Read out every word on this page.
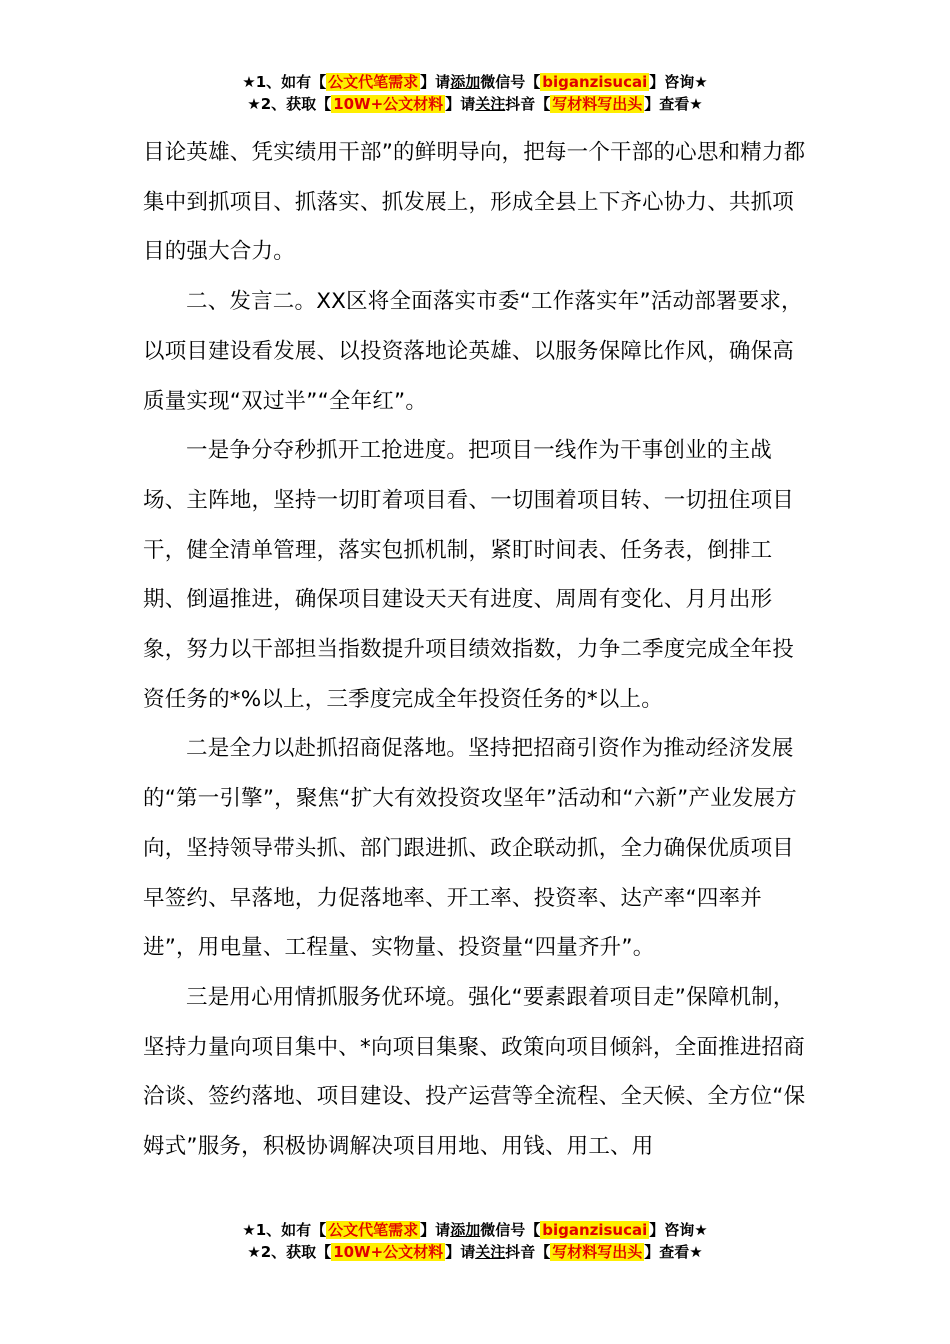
★1、如有【 公文代笔需求 】请添加微信号【 biganzisucai 】咨询★
★2、获取【 10W+公文材料 】请关注抖音【 写材料写出头 】查看★

目论英雄、凭实绩用干部”的鲜明导向，把每一个干部的心思和精力都集中到抓项目、抓落实、抓发展上，形成全县上下齐心协力、共抓项目的强大合力。

二、发言二。XX区将全面落实市委“工作落实年”活动部署要求，以项目建设看发展、以投资落地论英雄、以服务保障比作风，确保高质量实现“双过半”“全年红”。

一是争分夺秒抓开工抢进度。把项目一线作为干事创业的主战场、主阵地，坚持一切盯着项目看、一切围着项目转、一切扭住项目干，健全清单管理，落实包抓机制，紧盯时间表、任务表，倒排工期、倒逼推进，确保项目建设天天有进度、周周有变化、月月出形象，努力以干部担当指数提升项目绩效指数，力争二季度完成全年投资任务的*%以上，三季度完成全年投资任务的*以上。

二是全力以赴抓招商促落地。坚持把招商引资作为推动经济发展的“第一引擎”，聚焦“扩大有效投资攻坚年”活动和“六新”产业发展方向，坚持领导带头抓、部门跟进抓、政企联动抓，全力确保优质项目早签约、早落地，力促落地率、开工率、投资率、达产率“四率并进”，用电量、工程量、实物量、投资量“四量齐升”。

三是用心用情抓服务优环境。强化“要素跟着项目走”保障机制，坚持力量向项目集中、*向项目集聚、政策向项目倾斜，全面推进招商洽谈、签约落地、项目建设、投产运营等全流程、全天候、全方位“保姆式”服务，积极协调解决项目用地、用钱、用工、用

★1、如有【 公文代笔需求 】请添加微信号【 biganzisucai 】咨询★
★2、获取【 10W+公文材料 】请关注抖音【 写材料写出头 】查看★
